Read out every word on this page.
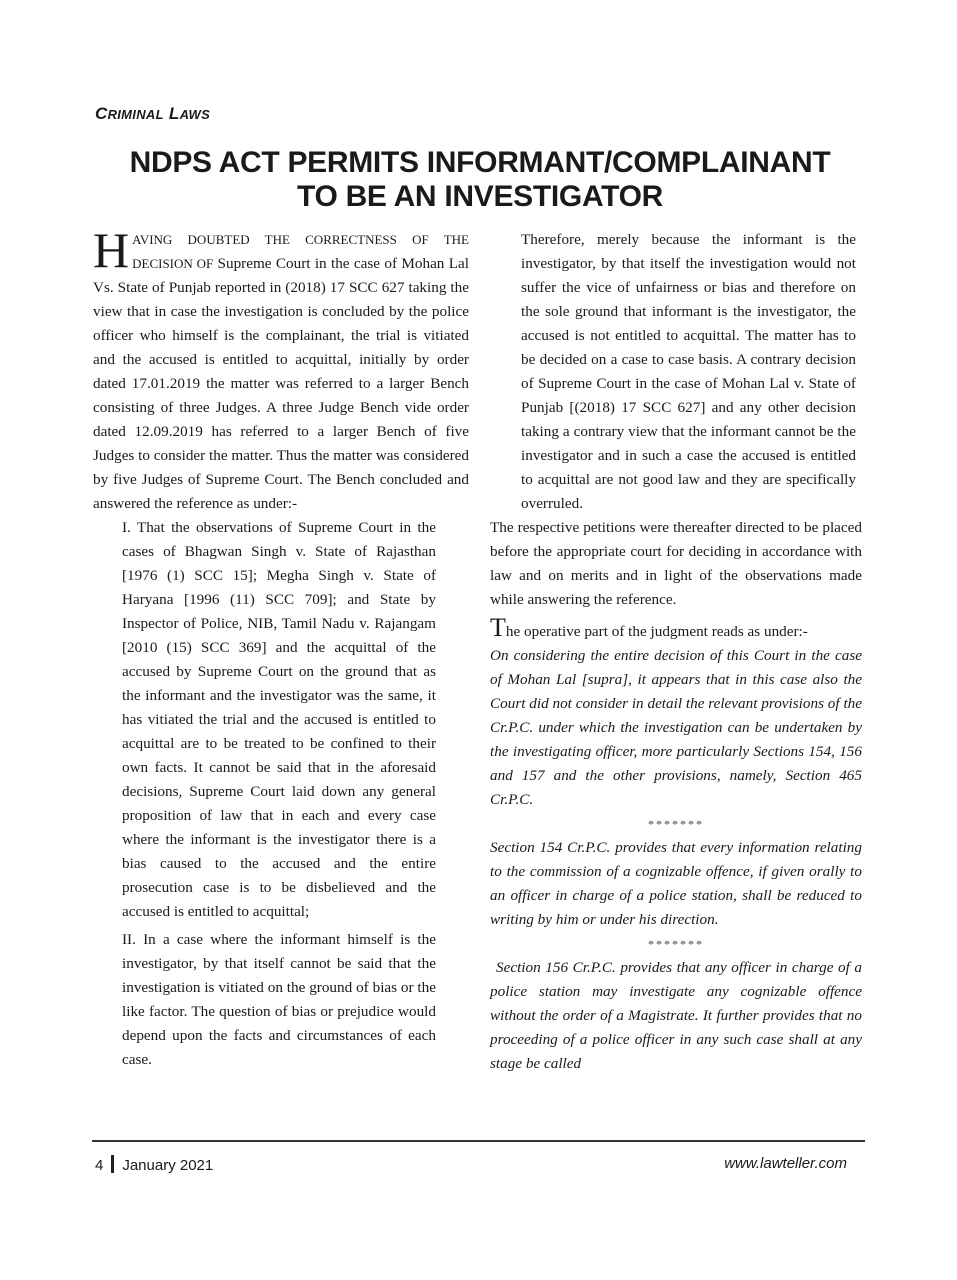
CRIMINAL LAWS
NDPS ACT PERMITS INFORMANT/COMPLAINANT
TO BE AN INVESTIGATOR

HAVING DOUBTED THE CORRECTNESS OF THE DECISION OF Supreme Court in the case of Mohan Lal Vs. State of Punjab reported in (2018) 17 SCC 627 taking the view that in case the investigation is concluded by the police officer who himself is the complainant, the trial is vitiated and the accused is entitled to acquittal, initially by order dated 17.01.2019 the matter was referred to a larger Bench consisting of three Judges. A three Judge Bench vide order dated 12.09.2019 has referred to a larger Bench of five Judges to consider the matter. Thus the matter was considered by five Judges of Supreme Court. The Bench concluded and answered the reference as under:-

I. That the observations of Supreme Court in the cases of Bhagwan Singh v. State of Rajasthan [1976 (1) SCC 15]; Megha Singh v. State of Haryana [1996 (11) SCC 709]; and State by Inspector of Police, NIB, Tamil Nadu v. Rajangam [2010 (15) SCC 369] and the acquittal of the accused by Supreme Court on the ground that as the informant and the investigator was the same, it has vitiated the trial and the accused is entitled to acquittal are to be treated to be confined to their own facts. It cannot be said that in the aforesaid decisions, Supreme Court laid down any general proposition of law that in each and every case where the informant is the investigator there is a bias caused to the accused and the entire prosecution case is to be disbelieved and the accused is entitled to acquittal;

II. In a case where the informant himself is the investigator, by that itself cannot be said that the investigation is vitiated on the ground of bias or the like factor. The question of bias or prejudice would depend upon the facts and circumstances of each case.

Therefore, merely because the informant is the investigator, by that itself the investigation would not suffer the vice of unfairness or bias and therefore on the sole ground that informant is the investigator, the accused is not entitled to acquittal. The matter has to be decided on a case to case basis. A contrary decision of Supreme Court in the case of Mohan Lal v. State of Punjab [(2018) 17 SCC 627] and any other decision taking a contrary view that the informant cannot be the investigator and in such a case the accused is entitled to acquittal are not good law and they are specifically overruled.

The respective petitions were thereafter directed to be placed before the appropriate court for deciding in accordance with law and on merits and in light of the observations made while answering the reference.

The operative part of the judgment reads as under:-

On considering the entire decision of this Court in the case of Mohan Lal [supra], it appears that in this case also the Court did not consider in detail the relevant provisions of the Cr.P.C. under which the investigation can be undertaken by the investigating officer, more particularly Sections 154, 156 and 157 and the other provisions, namely, Section 465 Cr.P.C.

*******

Section 154 Cr.P.C. provides that every information relating to the commission of a cognizable offence, if given orally to an officer in charge of a police station, shall be reduced to writing by him or under his direction.

*******

Section 156 Cr.P.C. provides that any officer in charge of a police station may investigate any cognizable offence without the order of a Magistrate. It further provides that no proceeding of a police officer in any such case shall at any stage be called

4 January 2021	www.lawteller.com
